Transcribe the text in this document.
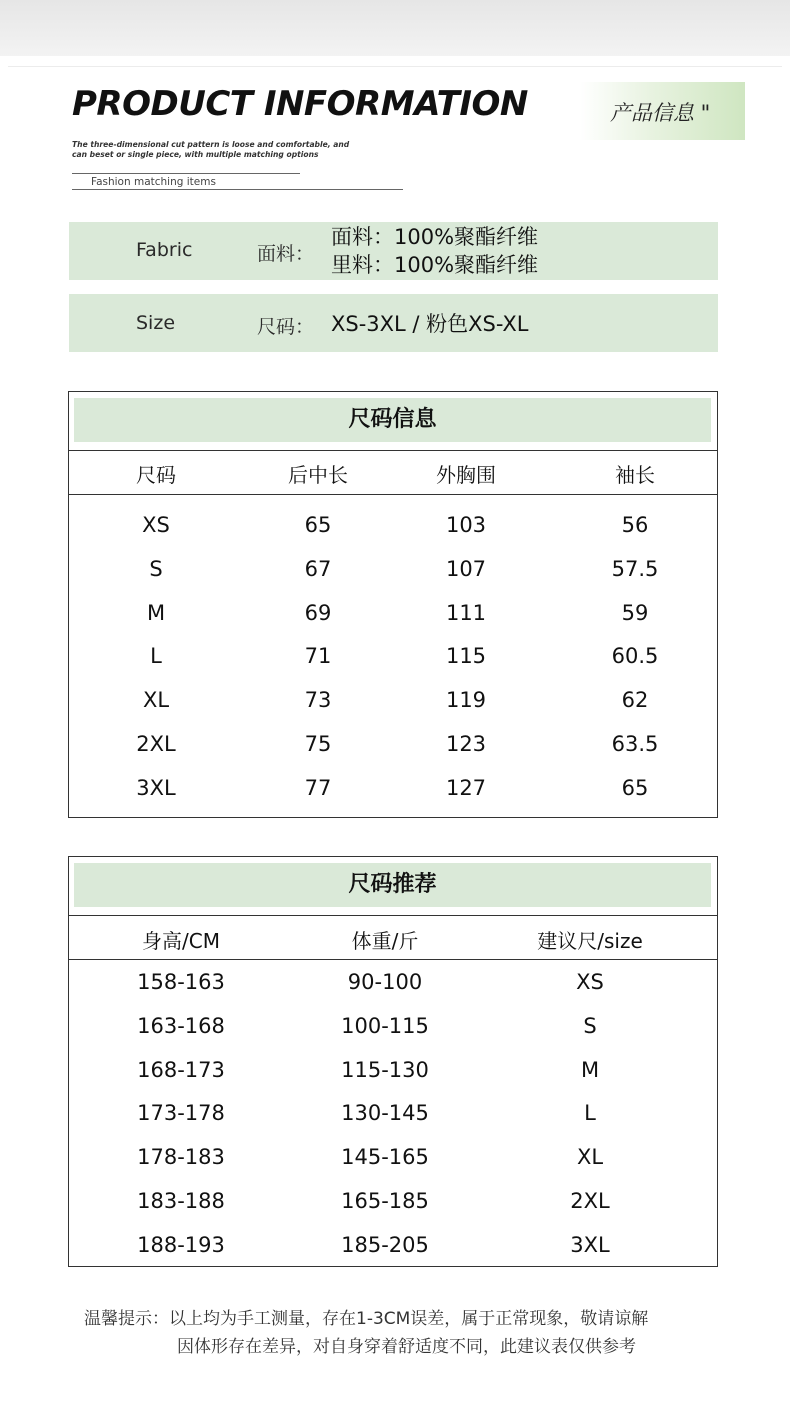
PRODUCT INFORMATION	产品信息 "
The three-dimensional cut pattern is loose and comfortable, and
can beset or single piece, with multiple matching options
Fashion matching items
Fabric	面料：
面料：100%聚酯纤维
里料：100%聚酯纤维
Size	尺码： XS-3XL / 粉色XS-XL
尺码信息
尺码	后中长	外胸围	袖长
XS	65	103	56
S	67	107	57.5
M	69	111	59
L	71	115	60.5
XL	73	119	62
2XL	75	123	63.5
3XL	77	127	65
尺码推荐
身高/CM	体重/斤	建议尺/size
158-163	90-100	XS
163-168	100-115	S
168-173	115-130	M
173-178	130-145	L
178-183	145-165	XL
183-188	165-185	2XL
188-193	185-205	3XL
温馨提示：以上均为手工测量，存在1-3CM误差，属于正常现象，敬请谅解
因体形存在差异，对自身穿着舒适度不同，此建议表仅供参考
